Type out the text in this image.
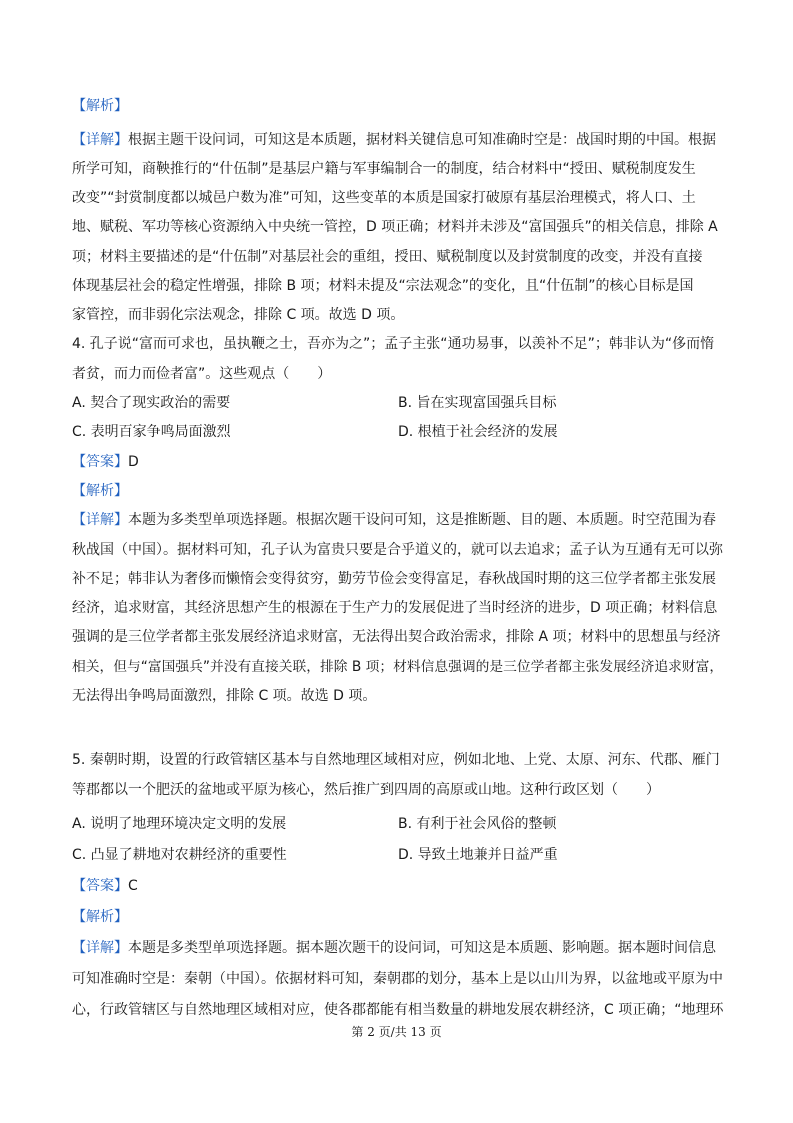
【解析】
【详解】根据主题干设问词，可知这是本质题，据材料关键信息可知准确时空是：战国时期的中国。根据
所学可知，商鞅推行的“什伍制”是基层户籍与军事编制合一的制度，结合材料中“授田、赋税制度发生
改变”“封赏制度都以城邑户数为准”可知，这些变革的本质是国家打破原有基层治理模式，将人口、土
地、赋税、军功等核心资源纳入中央统一管控，D 项正确；材料并未涉及“富国强兵”的相关信息，排除 A
项；材料主要描述的是“什伍制”对基层社会的重组，授田、赋税制度以及封赏制度的改变，并没有直接
体现基层社会的稳定性增强，排除 B 项；材料未提及“宗法观念”的变化，且“什伍制”的核心目标是国
家管控，而非弱化宗法观念，排除 C 项。故选 D 项。
4. 孔子说“富而可求也，虽执鞭之士，吾亦为之”；孟子主张“通功易事，以羡补不足”；韩非认为“侈而惰
者贫，而力而俭者富”。这些观点（　　）
A. 契合了现实政治的需要	B. 旨在实现富国强兵目标
C. 表明百家争鸣局面激烈	D. 根植于社会经济的发展
【答案】D
【解析】
【详解】本题为多类型单项选择题。根据次题干设问可知，这是推断题、目的题、本质题。时空范围为春
秋战国（中国）。据材料可知，孔子认为富贵只要是合乎道义的，就可以去追求；孟子认为互通有无可以弥
补不足；韩非认为奢侈而懒惰会变得贫穷，勤劳节俭会变得富足，春秋战国时期的这三位学者都主张发展
经济，追求财富，其经济思想产生的根源在于生产力的发展促进了当时经济的进步，D 项正确；材料信息
强调的是三位学者都主张发展经济追求财富，无法得出契合政治需求，排除 A 项；材料中的思想虽与经济
相关，但与“富国强兵”并没有直接关联，排除 B 项；材料信息强调的是三位学者都主张发展经济追求财富，
无法得出争鸣局面激烈，排除 C 项。故选 D 项。
5. 秦朝时期，设置的行政管辖区基本与自然地理区域相对应，例如北地、上党、太原、河东、代郡、雁门
等郡都以一个肥沃的盆地或平原为核心，然后推广到四周的高原或山地。这种行政区划（　　）
A. 说明了地理环境决定文明的发展	B. 有利于社会风俗的整顿
C. 凸显了耕地对农耕经济的重要性	D. 导致土地兼并日益严重
【答案】C
【解析】
【详解】本题是多类型单项选择题。据本题次题干的设问词，可知这是本质题、影响题。据本题时间信息
可知准确时空是：秦朝（中国）。依据材料可知，秦朝郡的划分，基本上是以山川为界，以盆地或平原为中
心，行政管辖区与自然地理区域相对应，使各郡都能有相当数量的耕地发展农耕经济，C 项正确；“地理环
第 2 页/共 13 页
